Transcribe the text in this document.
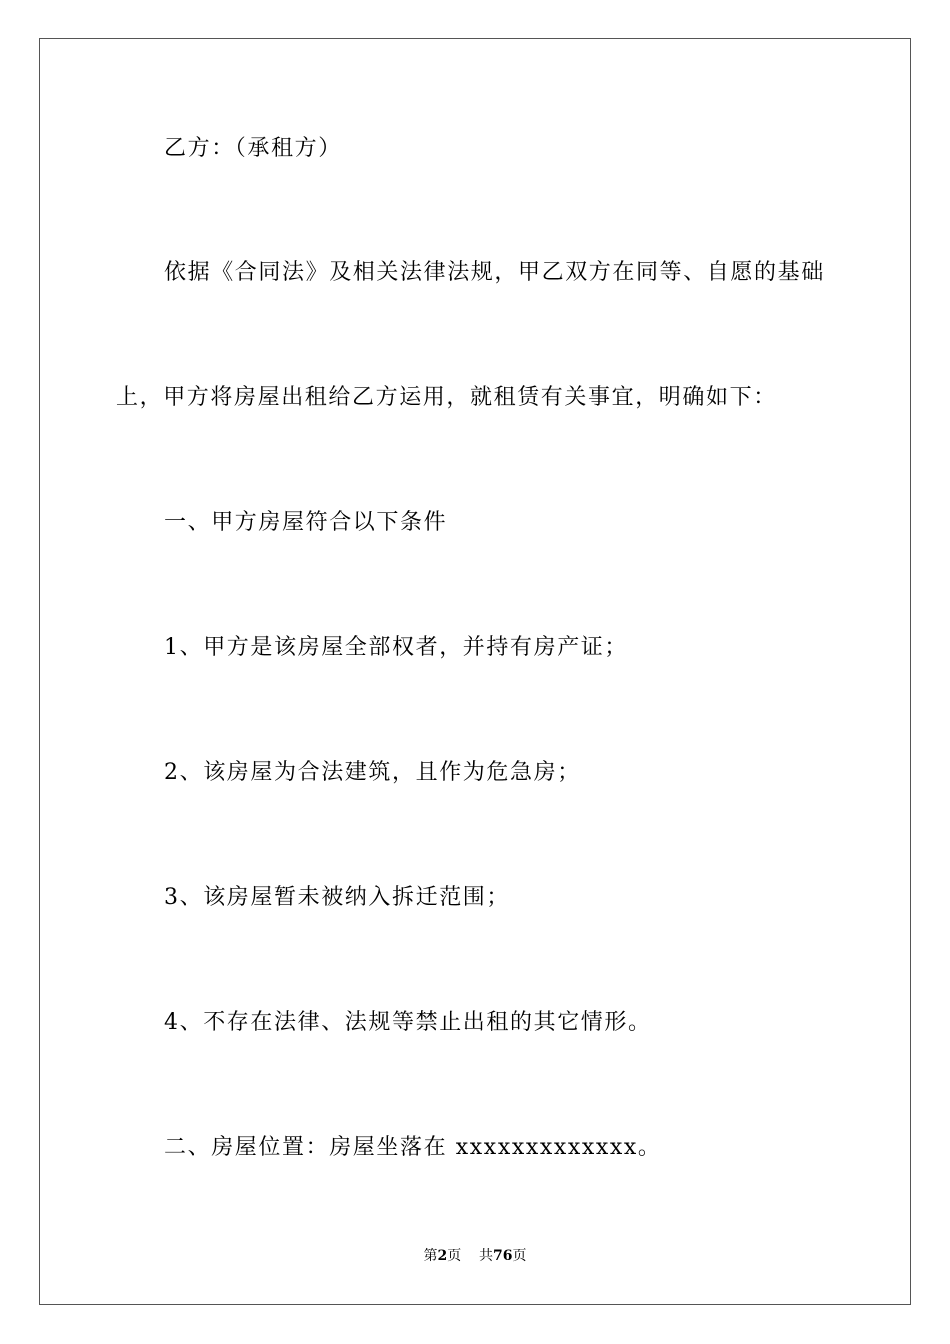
乙方：（承租方）
依据《合同法》及相关法律法规，甲乙双方在同等、自愿的基础
上，甲方将房屋出租给乙方运用，就租赁有关事宜，明确如下：
一、甲方房屋符合以下条件
1、甲方是该房屋全部权者，并持有房产证；
2、该房屋为合法建筑，且作为危急房；
3、该房屋暂未被纳入拆迁范围；
4、不存在法律、法规等禁止出租的其它情形。
二、房屋位置：房屋坐落在 xxxxxxxxxxxxx。
第2页 共76页
